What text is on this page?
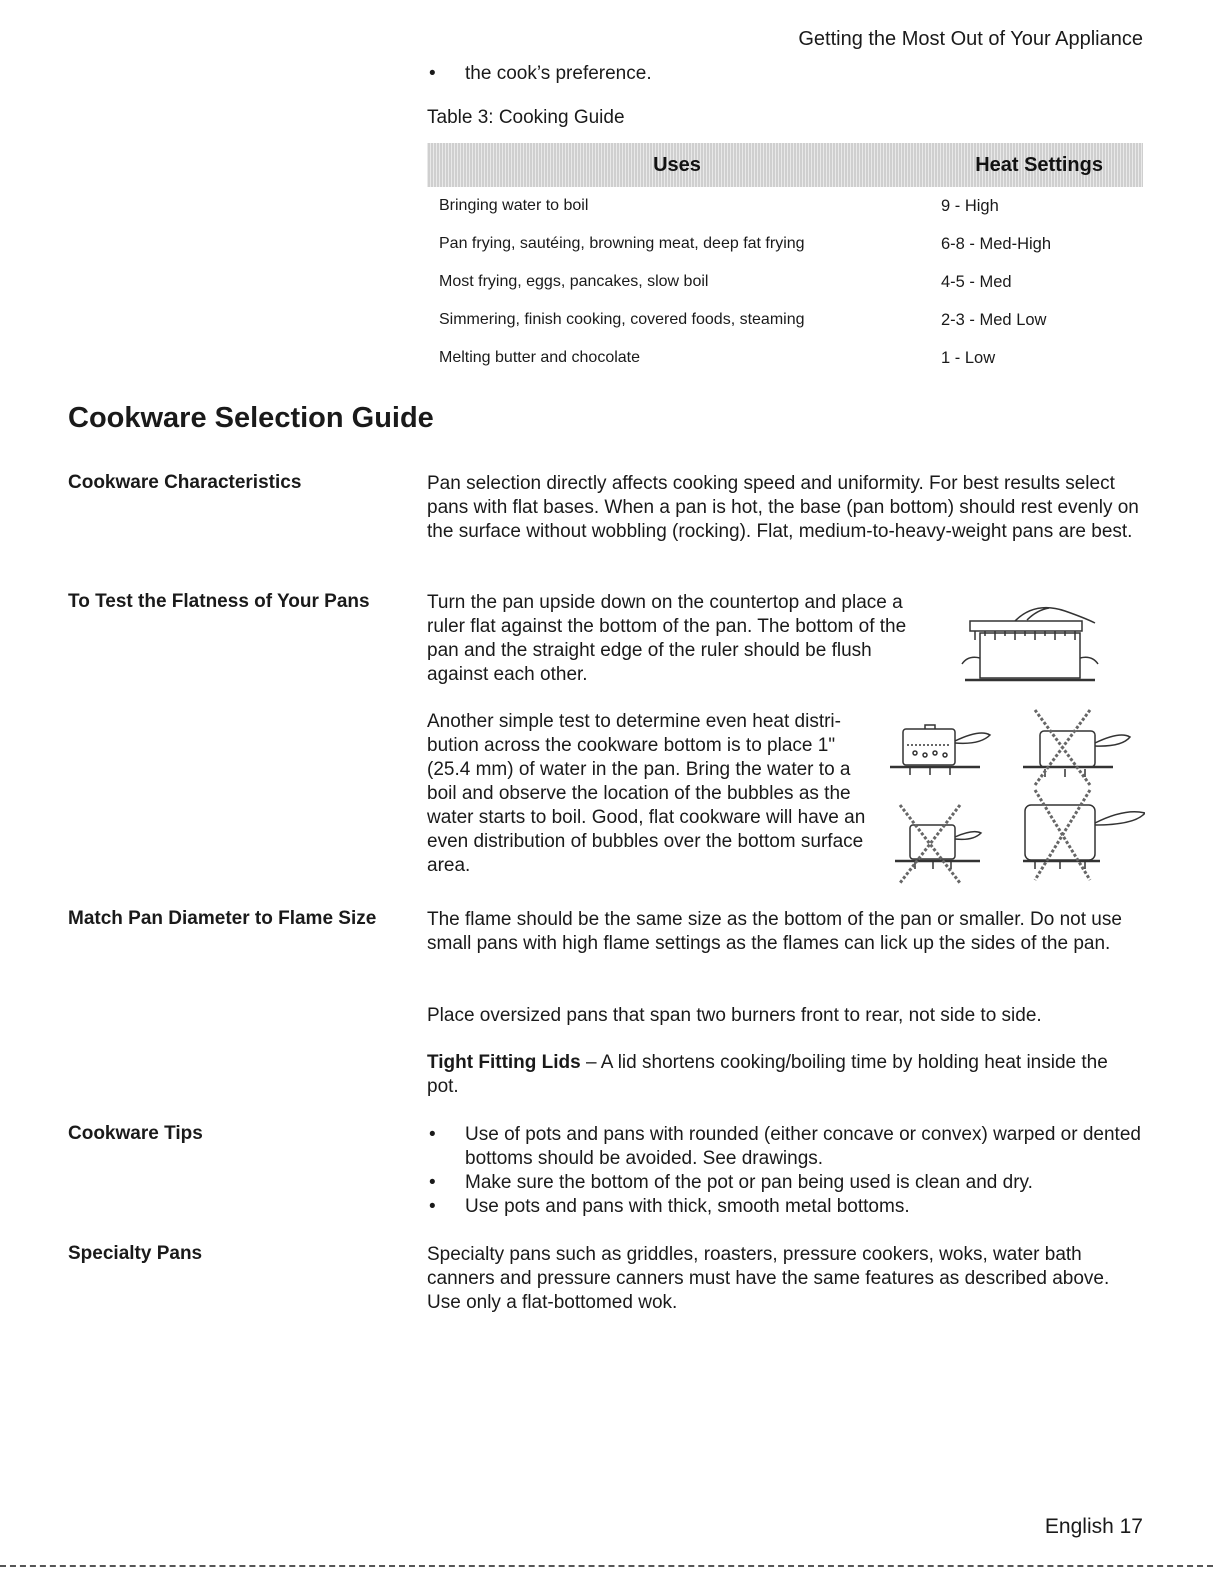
Getting the Most Out of Your Appliance
•	the cook’s preference.
Table 3: Cooking Guide
Uses	Heat Settings
Bringing water to boil	9 - High
Pan frying, sautéing, browning meat, deep fat frying	6-8 - Med-High
Most frying, eggs, pancakes, slow boil	4-5 - Med
Simmering, finish cooking, covered foods, steaming	2-3 - Med Low
Melting butter and chocolate	1 - Low
Cookware Selection Guide
Cookware Characteristics	Pan selection directly affects cooking speed and uniformity. For best results select pans with flat bases. When a pan is hot, the base (pan bottom) should rest evenly on the surface without wobbling (rocking). Flat, medium-to-heavy-weight pans are best.

To Test the Flatness of Your Pans	Turn the pan upside down on the countertop and place a ruler flat against the bottom of the pan. The bottom of the pan and the straight edge of the ruler should be flush against each other.

Another simple test to determine even heat distri-bution across the cookware bottom is to place 1" (25.4 mm) of water in the pan. Bring the water to a boil and observe the location of the bubbles as the water starts to boil. Good, flat cookware will have an even distribution of bubbles over the bottom surface area.

Match Pan Diameter to Flame Size	The flame should be the same size as the bottom of the pan or smaller. Do not use small pans with high flame settings as the flames can lick up the sides of the pan.

Place oversized pans that span two burners front to rear, not side to side.

Tight Fitting Lids – A lid shortens cooking/boiling time by holding heat inside the pot.

Cookware Tips	•	Use of pots and pans with rounded (either concave or convex) warped or dented bottoms should be avoided. See drawings.
•	Make sure the bottom of the pot or pan being used is clean and dry.
•	Use pots and pans with thick, smooth metal bottoms.
Specialty Pans	Specialty pans such as griddles, roasters, pressure cookers, woks, water bath canners and pressure canners must have the same features as described above. Use only a flat-bottomed wok.

English 17
